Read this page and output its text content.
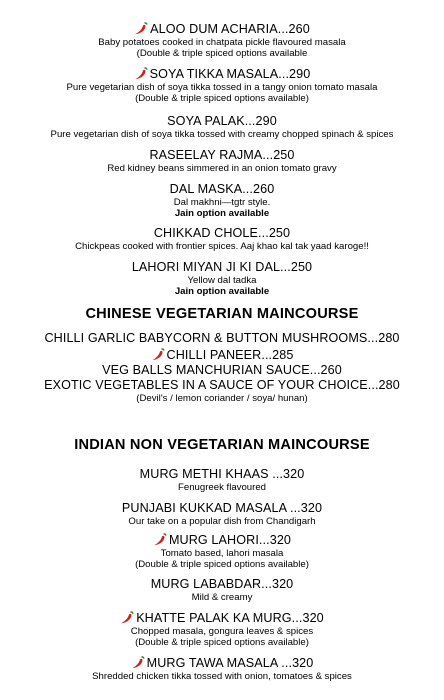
ALOO DUM ACHARIA...260
Baby potatoes cooked in chatpata pickle flavoured masala
(Double & triple spiced options available
SOYA TIKKA MASALA...290
Pure vegetarian dish of soya tikka tossed in a tangy onion tomato masala
(Double & triple spiced options available)
SOYA PALAK...290
Pure vegetarian dish of soya tikka tossed with creamy chopped spinach & spices
RASEELAY RAJMA...250
Red kidney beans simmered in an onion tomato gravy
DAL MASKA...260
Dal makhni—tgtr style.
Jain option available
CHIKKAD CHOLE...250
Chickpeas cooked with frontier spices. Aaj khao kal tak yaad karoge!!
LAHORI MIYAN JI KI DAL...250
Yellow dal tadka
Jain option available
CHINESE VEGETARIAN MAINCOURSE
CHILLI GARLIC BABYCORN & BUTTON MUSHROOMS...280
CHILLI PANEER...285
VEG BALLS MANCHURIAN SAUCE...260
EXOTIC VEGETABLES IN A SAUCE OF YOUR CHOICE...280
(Devil's / lemon coriander / soya/ hunan)
INDIAN NON VEGETARIAN MAINCOURSE
MURG METHI KHAAS ...320
Fenugreek flavoured
PUNJABI KUKKAD MASALA ...320
Our take on a popular dish from Chandigarh
MURG LAHORI...320
Tomato based, lahori masala
(Double & triple spiced options available)
MURG LABABDAR...320
Mild & creamy
KHATTE PALAK KA MURG...320
Chopped masala, gongura leaves & spices
(Double & triple spiced options available)
MURG TAWA MASALA ...320
Shredded chicken tikka tossed with onion, tomatoes & spices
